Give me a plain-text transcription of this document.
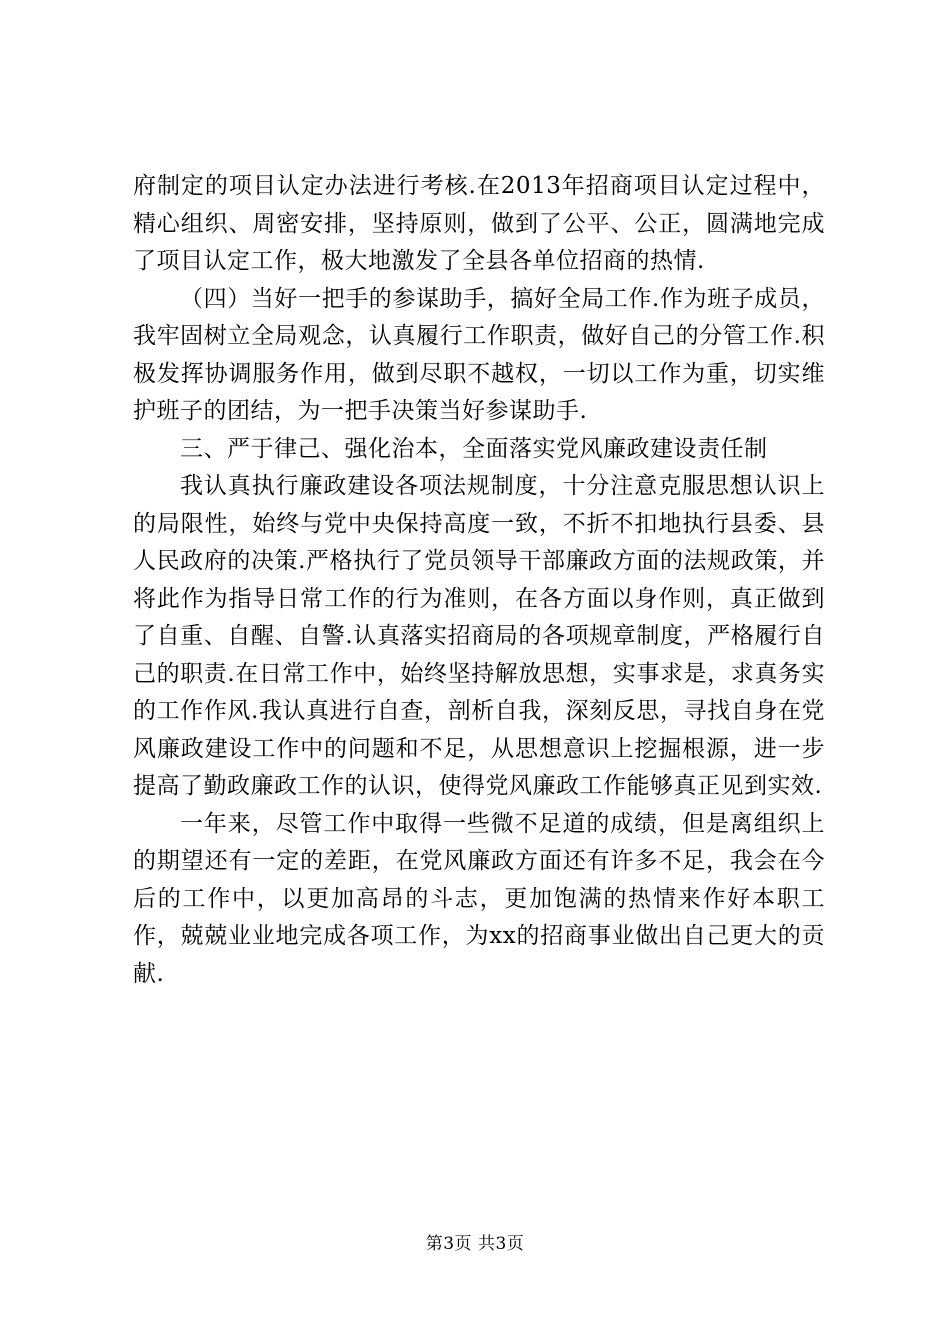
府制定的项目认定办法进行考核.在2013年招商项目认定过程中，精心组织、周密安排，坚持原则，做到了公平、公正，圆满地完成了项目认定工作，极大地激发了全县各单位招商的热情.

（四）当好一把手的参谋助手，搞好全局工作.作为班子成员，我牢固树立全局观念，认真履行工作职责，做好自己的分管工作.积极发挥协调服务作用，做到尽职不越权，一切以工作为重，切实维护班子的团结，为一把手决策当好参谋助手.

三、严于律己、强化治本，全面落实党风廉政建设责任制

我认真执行廉政建设各项法规制度，十分注意克服思想认识上的局限性，始终与党中央保持高度一致，不折不扣地执行县委、县人民政府的决策.严格执行了党员领导干部廉政方面的法规政策，并将此作为指导日常工作的行为准则，在各方面以身作则，真正做到了自重、自醒、自警.认真落实招商局的各项规章制度，严格履行自己的职责.在日常工作中，始终坚持解放思想，实事求是，求真务实的工作作风.我认真进行自查，剖析自我，深刻反思，寻找自身在党风廉政建设工作中的问题和不足，从思想意识上挖掘根源，进一步提高了勤政廉政工作的认识，使得党风廉政工作能够真正见到实效.

一年来，尽管工作中取得一些微不足道的成绩，但是离组织上的期望还有一定的差距，在党风廉政方面还有许多不足，我会在今后的工作中，以更加高昂的斗志，更加饱满的热情来作好本职工作，兢兢业业地完成各项工作，为xx的招商事业做出自己更大的贡献.

第3页 共3页
